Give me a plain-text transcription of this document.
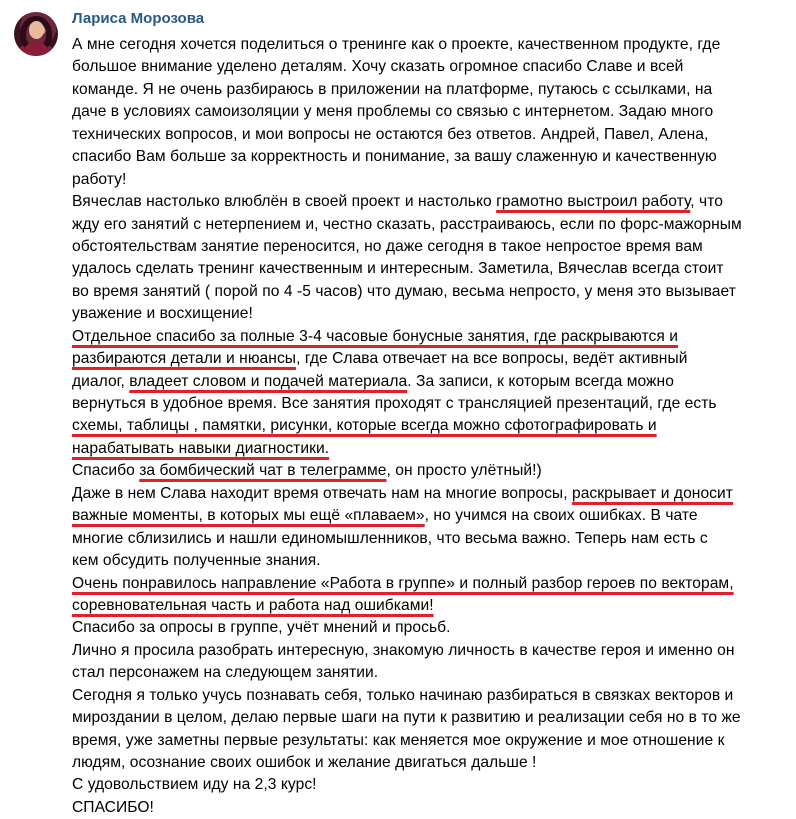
Лариса Морозова
А мне сегодня хочется поделиться о тренинге как о проекте, качественном продукте, где
большое внимание уделено деталям. Хочу сказать огромное спасибо Славе и всей
команде. Я не очень разбираюсь в приложении на платформе, путаюсь с ссылками, на
даче в условиях самоизоляции у меня проблемы со связью с интернетом. Задаю много
технических вопросов, и мои вопросы не остаются без ответов. Андрей, Павел, Алена,
спасибо Вам больше за корректность и понимание, за вашу слаженную и качественную
работу!
Вячеслав настолько влюблён в своей проект и настолько грамотно выстроил работу, что
жду его занятий с нетерпением и, честно сказать, расстраиваюсь, если по форс-мажорным
обстоятельствам занятие переносится, но даже сегодня в такое непростое время вам
удалось сделать тренинг качественным и интересным. Заметила, Вячеслав всегда стоит
во время занятий ( порой по 4 -5 часов) что думаю, весьма непросто, у меня это вызывает
уважение и восхищение!
Отдельное спасибо за полные 3-4 часовые бонусные занятия, где раскрываются и
разбираются детали и нюансы, где Слава отвечает на все вопросы, ведёт активный
диалог, владеет словом и подачей материала. За записи, к которым всегда можно
вернуться в удобное время. Все занятия проходят с трансляцией презентаций, где есть
схемы, таблицы , памятки, рисунки, которые всегда можно сфотографировать и
нарабатывать навыки диагностики.
Спасибо за бомбический чат в телеграмме, он просто улётный!)
Даже в нем Слава находит время отвечать нам на многие вопросы, раскрывает и доносит
важные моменты, в которых мы ещё «плаваем», но учимся на своих ошибках. В чате
многие сблизились и нашли единомышленников, что весьма важно. Теперь нам есть с
кем обсудить полученные знания.
Очень понравилось направление «Работа в группе» и полный разбор героев по векторам,
соревновательная часть и работа над ошибками!
Спасибо за опросы в группе, учёт мнений и просьб.
Лично я просила разобрать интересную, знакомую личность в качестве героя и именно он
стал персонажем на следующем занятии.
Сегодня я только учусь познавать себя, только начинаю разбираться в связках векторов и
мироздании в целом, делаю первые шаги на пути к развитию и реализации себя но в то же
время, уже заметны первые результаты: как меняется мое окружение и мое отношение к
людям, осознание своих ошибок и желание двигаться дальше !
С удовольствием иду на 2,3 курс!
СПАСИБО!
